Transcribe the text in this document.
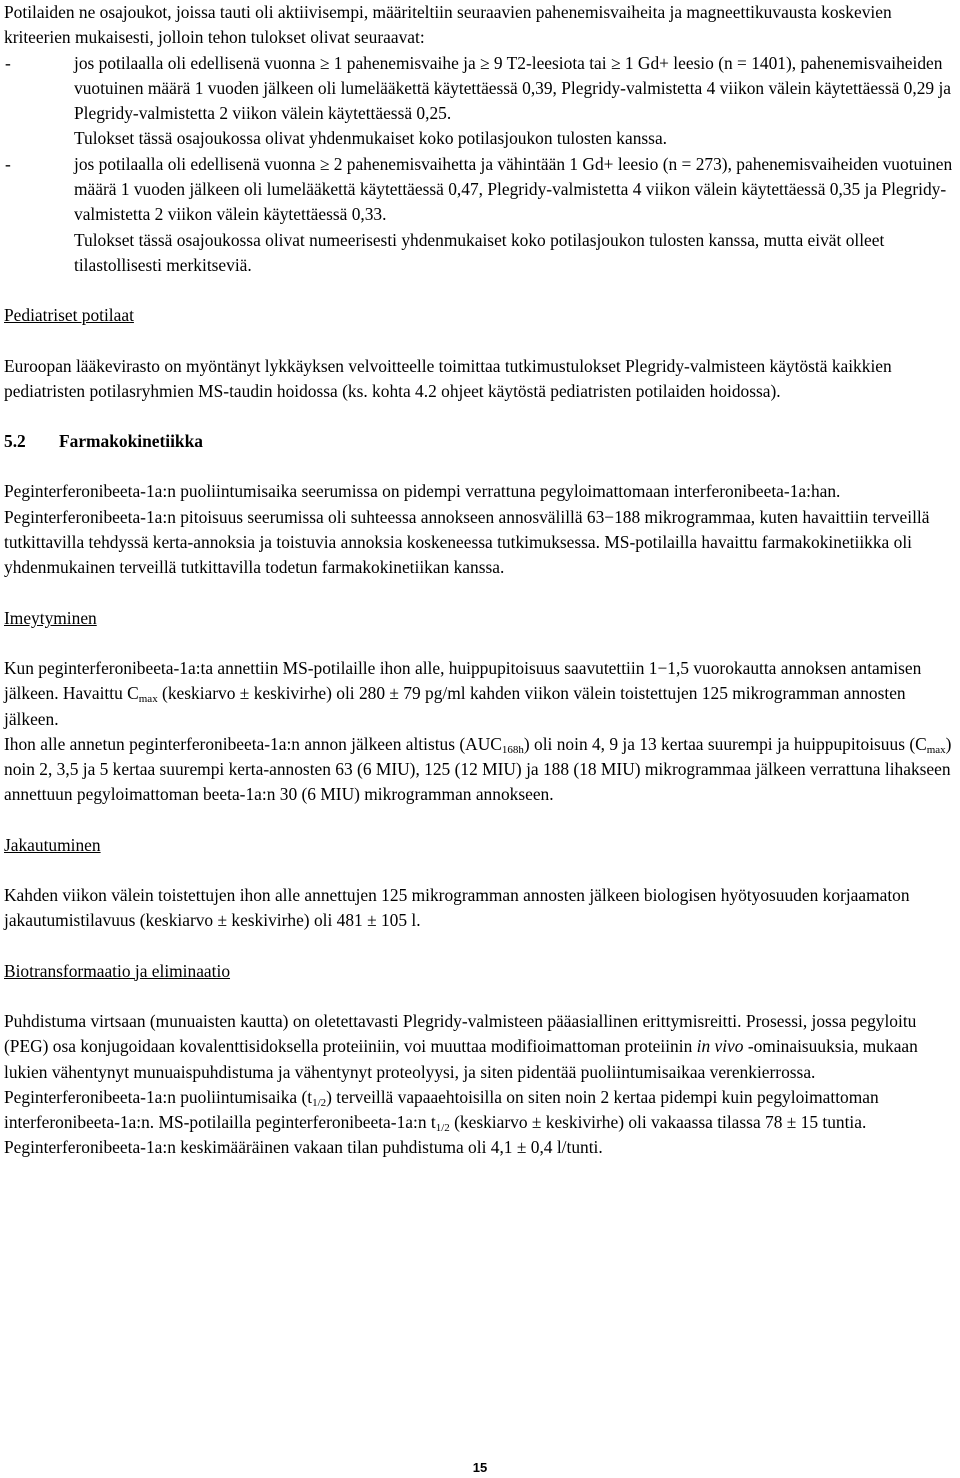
Potilaiden ne osajoukot, joissa tauti oli aktiivisempi, määriteltiin seuraavien pahenemisvaiheita ja magneettikuvausta koskevien kriteerien mukaisesti, jolloin tehon tulokset olivat seuraavat:

-	jos potilaalla oli edellisenä vuonna ≥ 1 pahenemisvaihe ja ≥ 9 T2-leesiota tai ≥ 1 Gd+ leesio (n = 1401), pahenemisvaiheiden vuotuinen määrä 1 vuoden jälkeen oli lumelääkettä käytettäessä 0,39, Plegridy-valmistetta 4 viikon välein käytettäessä 0,29 ja Plegridy-valmistetta 2 viikon välein käytettäessä 0,25.

Tulokset tässä osajoukossa olivat yhdenmukaiset koko potilasjoukon tulosten kanssa.

-	jos potilaalla oli edellisenä vuonna ≥ 2 pahenemisvaihetta ja vähintään 1 Gd+ leesio (n = 273), pahenemisvaiheiden vuotuinen määrä 1 vuoden jälkeen oli lumelääkettä käytettäessä 0,47, Plegridy-valmistetta 4 viikon välein käytettäessä 0,35 ja Plegridy-valmistetta 2 viikon välein käytettäessä 0,33.

Tulokset tässä osajoukossa olivat numeerisesti yhdenmukaiset koko potilasjoukon tulosten kanssa, mutta eivät olleet tilastollisesti merkitseviä.

Pediatriset potilaat

Euroopan lääkevirasto on myöntänyt lykkäyksen velvoitteelle toimittaa tutkimustulokset Plegridy-valmisteen käytöstä kaikkien pediatristen potilasryhmien MS-taudin hoidossa (ks. kohta 4.2 ohjeet käytöstä pediatristen potilaiden hoidossa).

5.2	Farmakokinetiikka

Peginterferonibeeta-1a:n puoliintumisaika seerumissa on pidempi verrattuna pegyloimattomaan interferonibeeta-1a:han. Peginterferonibeeta-1a:n pitoisuus seerumissa oli suhteessa annokseen annosvälillä 63−188 mikrogrammaa, kuten havaittiin terveillä tutkittavilla tehdyssä kerta-annoksia ja toistuvia annoksia koskeneessa tutkimuksessa. MS-potilailla havaittu farmakokinetiikka oli yhdenmukainen terveillä tutkittavilla todetun farmakokinetiikan kanssa.

Imeytyminen

Kun peginterferonibeeta-1a:ta annettiin MS-potilaille ihon alle, huippupitoisuus saavutettiin 1−1,5 vuorokautta annoksen antamisen jälkeen. Havaittu $C_{max}$ (keskiarvo ± keskivirhe) oli 280 ± 79 pg/ml kahden viikon välein toistettujen 125 mikrogramman annosten jälkeen.

Ihon alle annetun peginterferonibeeta-1a:n annon jälkeen altistus $(AUC_{168h})$ oli noin 4, 9 ja 13 kertaa suurempi ja huippupitoisuus $(C_{max})$ noin 2, 3,5 ja 5 kertaa suurempi kerta-annosten 63 (6 MIU), 125 (12 MIU) ja 188 (18 MIU) mikrogrammaa jälkeen verrattuna lihakseen annettuun pegyloimattoman beeta-1a:n 30 (6 MIU) mikrogramman annokseen.

Jakautuminen

Kahden viikon välein toistettujen ihon alle annettujen 125 mikrogramman annosten jälkeen biologisen hyötyosuuden korjaamaton jakautumistilavuus (keskiarvo ± keskivirhe) oli 481 ± 105 l.

Biotransformaatio ja eliminaatio

Puhdistuma virtsaan (munuaisten kautta) on oletettavasti Plegridy-valmisteen pääasiallinen erittymisreitti. Prosessi, jossa pegyloitu (PEG) osa konjugoidaan kovalenttisidoksella proteiiniin, voi muuttaa modifioimattoman proteiinin in vivo -ominaisuuksia, mukaan lukien vähentynyt munuaispuhdistuma ja vähentynyt proteolyysi, ja siten pidentää puoliintumisaikaa verenkierrossa. Peginterferonibeeta-1a:n puoliintumisaika $(t_{1/2})$ terveillä vapaaehtoisilla on siten noin 2 kertaa pidempi kuin pegyloimattoman interferonibeeta-1a:n. MS-potilailla peginterferonibeeta-1a:n $t_{1/2}$ (keskiarvo ± keskivirhe) oli vakaassa tilassa 78 ± 15 tuntia. Peginterferonibeeta-1a:n keskimääräinen vakaan tilan puhdistuma oli 4,1 ± 0,4 l/tunti.

15
